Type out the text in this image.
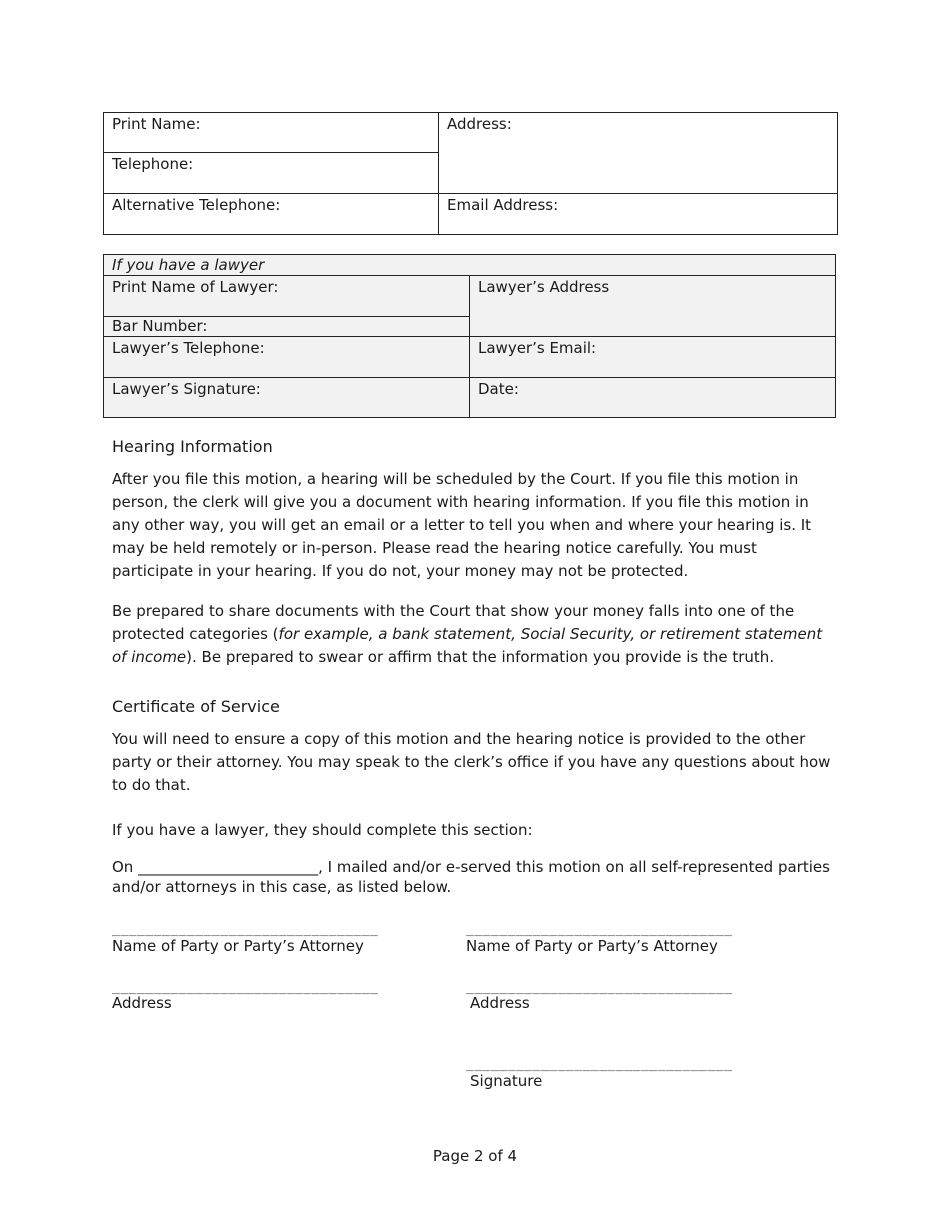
Print Name:	Address:

Telephone:	

Alternative Telephone:	Email Address:
If you have a lawyer	

Print Name of Lawyer:	Lawyer’s Address

Bar Number:	

Lawyer’s Telephone:	Lawyer’s Email:

Lawyer’s Signature:	Date:
Hearing Information

After you file this motion, a hearing will be scheduled by the Court. If you file this motion in person, the clerk will give you a document with hearing information. If you file this motion in any other way, you will get an email or a letter to tell you when and where your hearing is. It may be held remotely or in-person. Please read the hearing notice carefully. You must participate in your hearing. If you do not, your money may not be protected.

Be prepared to share documents with the Court that show your money falls into one of the protected categories (for example, a bank statement, Social Security, or retirement statement of income). Be prepared to swear or affirm that the information you provide is the truth.

Certificate of Service

You will need to ensure a copy of this motion and the hearing notice is provided to the other party or their attorney. You may speak to the clerk’s office if you have any questions about how to do that.

If you have a lawyer, they should complete this section:

On ________________________, I mailed and/or e-served this motion on all self-represented parties and/or attorneys in this case, as listed below.

________________________________
Name of Party or Party’s Attorney
________________________________
Name of Party or Party’s Attorney
________________________________
Address
________________________________
Address
________________________________
Signature
Page 2 of 4
